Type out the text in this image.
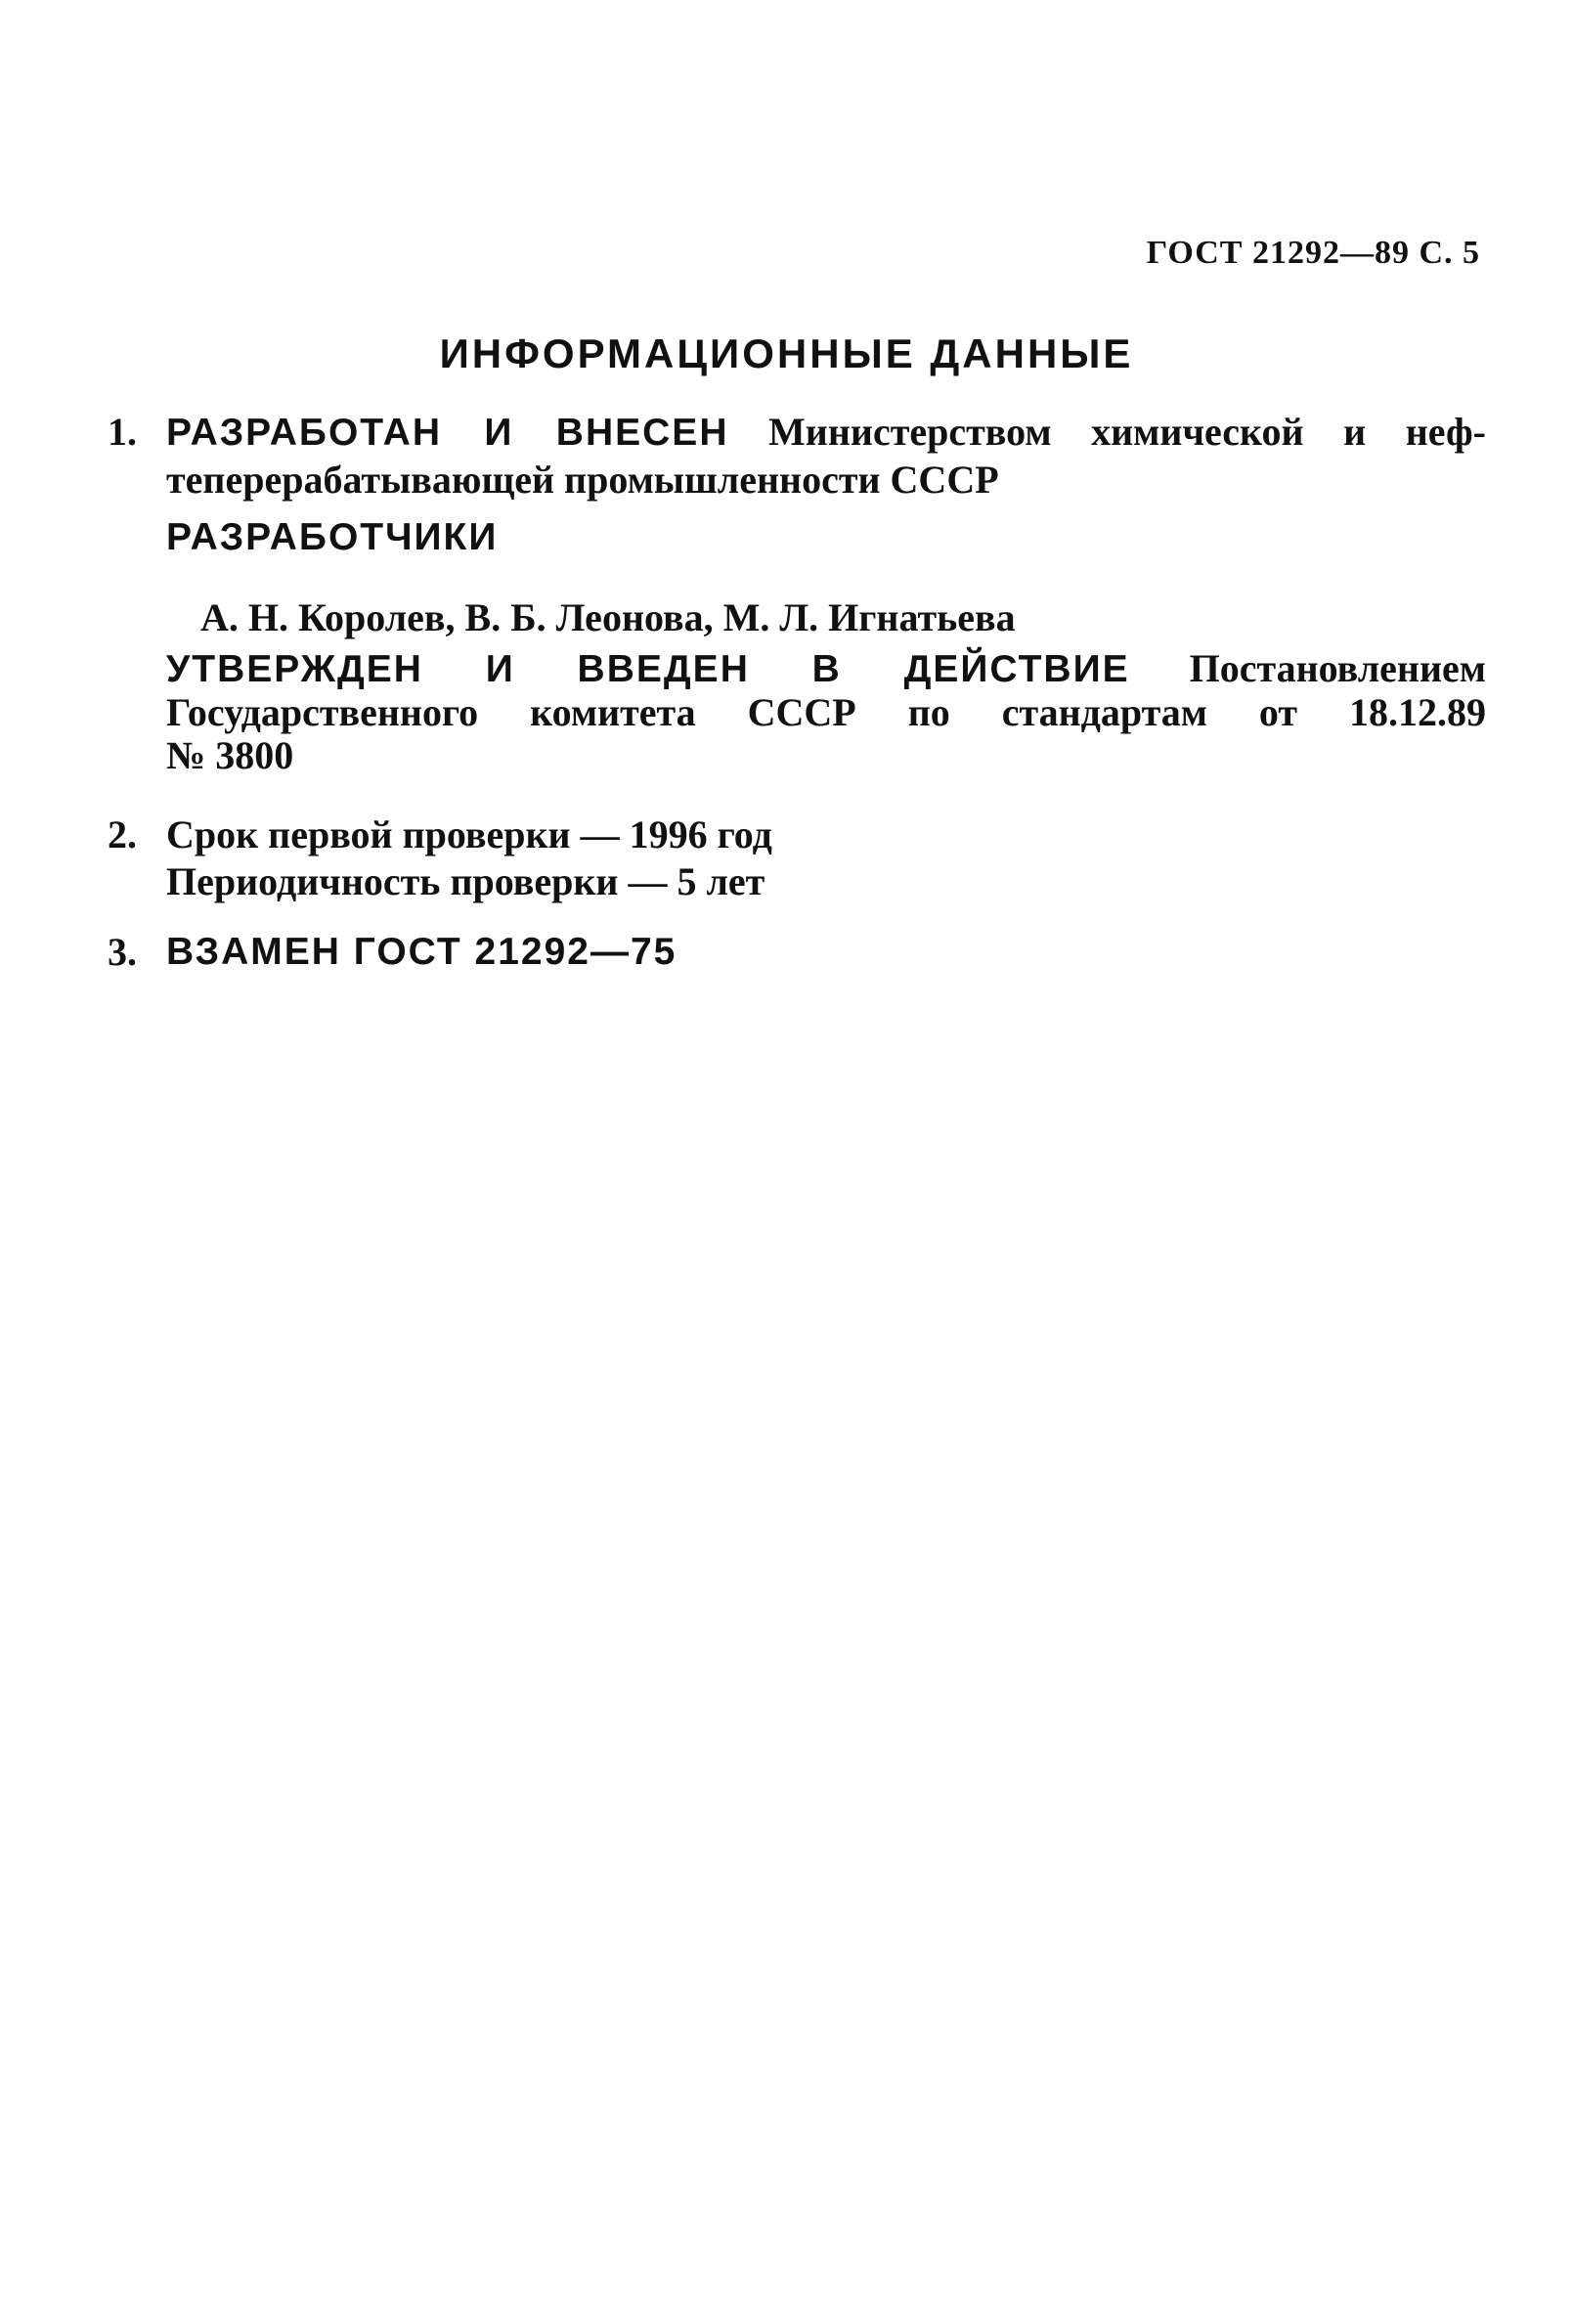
ГОСТ 21292—89 С. 5
ИНФОРМАЦИОННЫЕ ДАННЫЕ
1. РАЗРАБОТАН И ВНЕСЕН Министерством химической и неф-
теперерабатывающей промышленности СССР
РАЗРАБОТЧИКИ
А. Н. Королев, В. Б. Леонова, М. Л. Игнатьева
УТВЕРЖДЕН И ВВЕДЕН В ДЕЙСТВИЕ Постановлением
Государственного комитета СССР по стандартам от 18.12.89
№ 3800
2. Срок первой проверки — 1996 год
Периодичность проверки — 5 лет
3. ВЗАМЕН ГОСТ 21292—75
